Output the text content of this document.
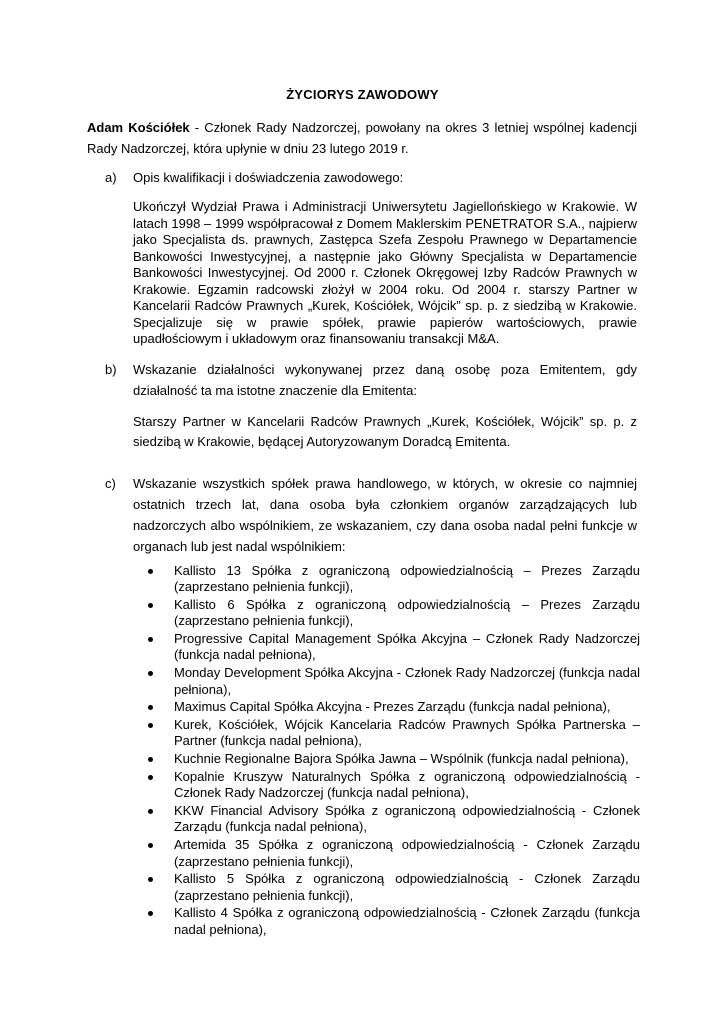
ŻYCIORYS ZAWODOWY
Adam Kościółek - Członek Rady Nadzorczej, powołany na okres 3 letniej wspólnej kadencji Rady Nadzorczej, która upłynie w dniu 23 lutego 2019 r.
a) Opis kwalifikacji i doświadczenia zawodowego:

Ukończył Wydział Prawa i Administracji Uniwersytetu Jagiellońskiego w Krakowie. W latach 1998 – 1999 współpracował z Domem Maklerskim PENETRATOR S.A., najpierw jako Specjalista ds. prawnych, Zastępca Szefa Zespołu Prawnego w Departamencie Bankowości Inwestycyjnej, a następnie jako Główny Specjalista w Departamencie Bankowości Inwestycyjnej. Od 2000 r. Członek Okręgowej Izby Radców Prawnych w Krakowie. Egzamin radcowski złożył w 2004 roku. Od 2004 r. starszy Partner w Kancelarii Radców Prawnych „Kurek, Kościółek, Wójcik” sp. p. z siedzibą w Krakowie. Specjalizuje się w prawie spółek, prawie papierów wartościowych, prawie upadłościowym i układowym oraz finansowaniu transakcji M&A.

b) Wskazanie działalności wykonywanej przez daną osobę poza Emitentem, gdy działalność ta ma istotne znaczenie dla Emitenta:

Starszy Partner w Kancelarii Radców Prawnych „Kurek, Kościółek, Wójcik” sp. p. z siedzibą w Krakowie, będącej Autoryzowanym Doradcą Emitenta.

c) Wskazanie wszystkich spółek prawa handlowego, w których, w okresie co najmniej ostatnich trzech lat, dana osoba była członkiem organów zarządzających lub nadzorczych albo wspólnikiem, ze wskazaniem, czy dana osoba nadal pełni funkcje w organach lub jest nadal wspólnikiem:
Kallisto 13 Spółka z ograniczoną odpowiedzialnością – Prezes Zarządu (zaprzestano pełnienia funkcji),
Kallisto 6 Spółka z ograniczoną odpowiedzialnością – Prezes Zarządu (zaprzestano pełnienia funkcji),
Progressive Capital Management Spółka Akcyjna – Członek Rady Nadzorczej (funkcja nadal pełniona),
Monday Development Spółka Akcyjna - Członek Rady Nadzorczej (funkcja nadal pełniona),
Maximus Capital Spółka Akcyjna - Prezes Zarządu (funkcja nadal pełniona),
Kurek, Kościółek, Wójcik Kancelaria Radców Prawnych Spółka Partnerska – Partner (funkcja nadal pełniona),
Kuchnie Regionalne Bajora Spółka Jawna – Wspólnik (funkcja nadal pełniona),
Kopalnie Kruszyw Naturalnych Spółka z ograniczoną odpowiedzialnością - Członek Rady Nadzorczej (funkcja nadal pełniona),
KKW Financial Advisory Spółka z ograniczoną odpowiedzialnością - Członek Zarządu (funkcja nadal pełniona),
Artemida 35 Spółka z ograniczoną odpowiedzialnością - Członek Zarządu (zaprzestano pełnienia funkcji),
Kallisto 5 Spółka z ograniczoną odpowiedzialnością - Członek Zarządu (zaprzestano pełnienia funkcji),
Kallisto 4 Spółka z ograniczoną odpowiedzialnością - Członek Zarządu (funkcja nadal pełniona),
